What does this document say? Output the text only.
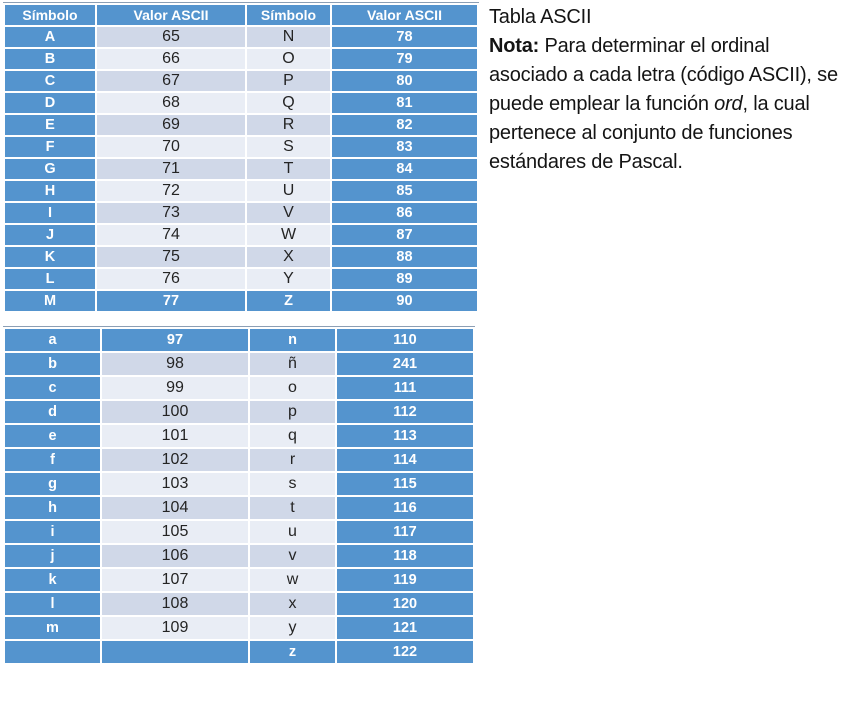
Símbolo	Valor ASCII	Símbolo	Valor ASCII
A	65	N	78
B	66	O	79
C	67	P	80
D	68	Q	81
E	69	R	82
F	70	S	83
G	71	T	84
H	72	U	85
I	73	V	86
J	74	W	87
K	75	X	88
L	76	Y	89
M	77	Z	90
a	97	n	110
b	98	ñ	241
c	99	o	111
d	100	p	112
e	101	q	113
f	102	r	114
g	103	s	115
h	104	t	116
i	105	u	117
j	106	v	118
k	107	w	119
l	108	x	120
m	109	y	121
		z	122
Tabla ASCII

Nota: Para determinar el ordinal asociado a cada letra (código ASCII), se puede emplear la función ord, la cual pertenece al conjunto de funciones estándares de Pascal.
